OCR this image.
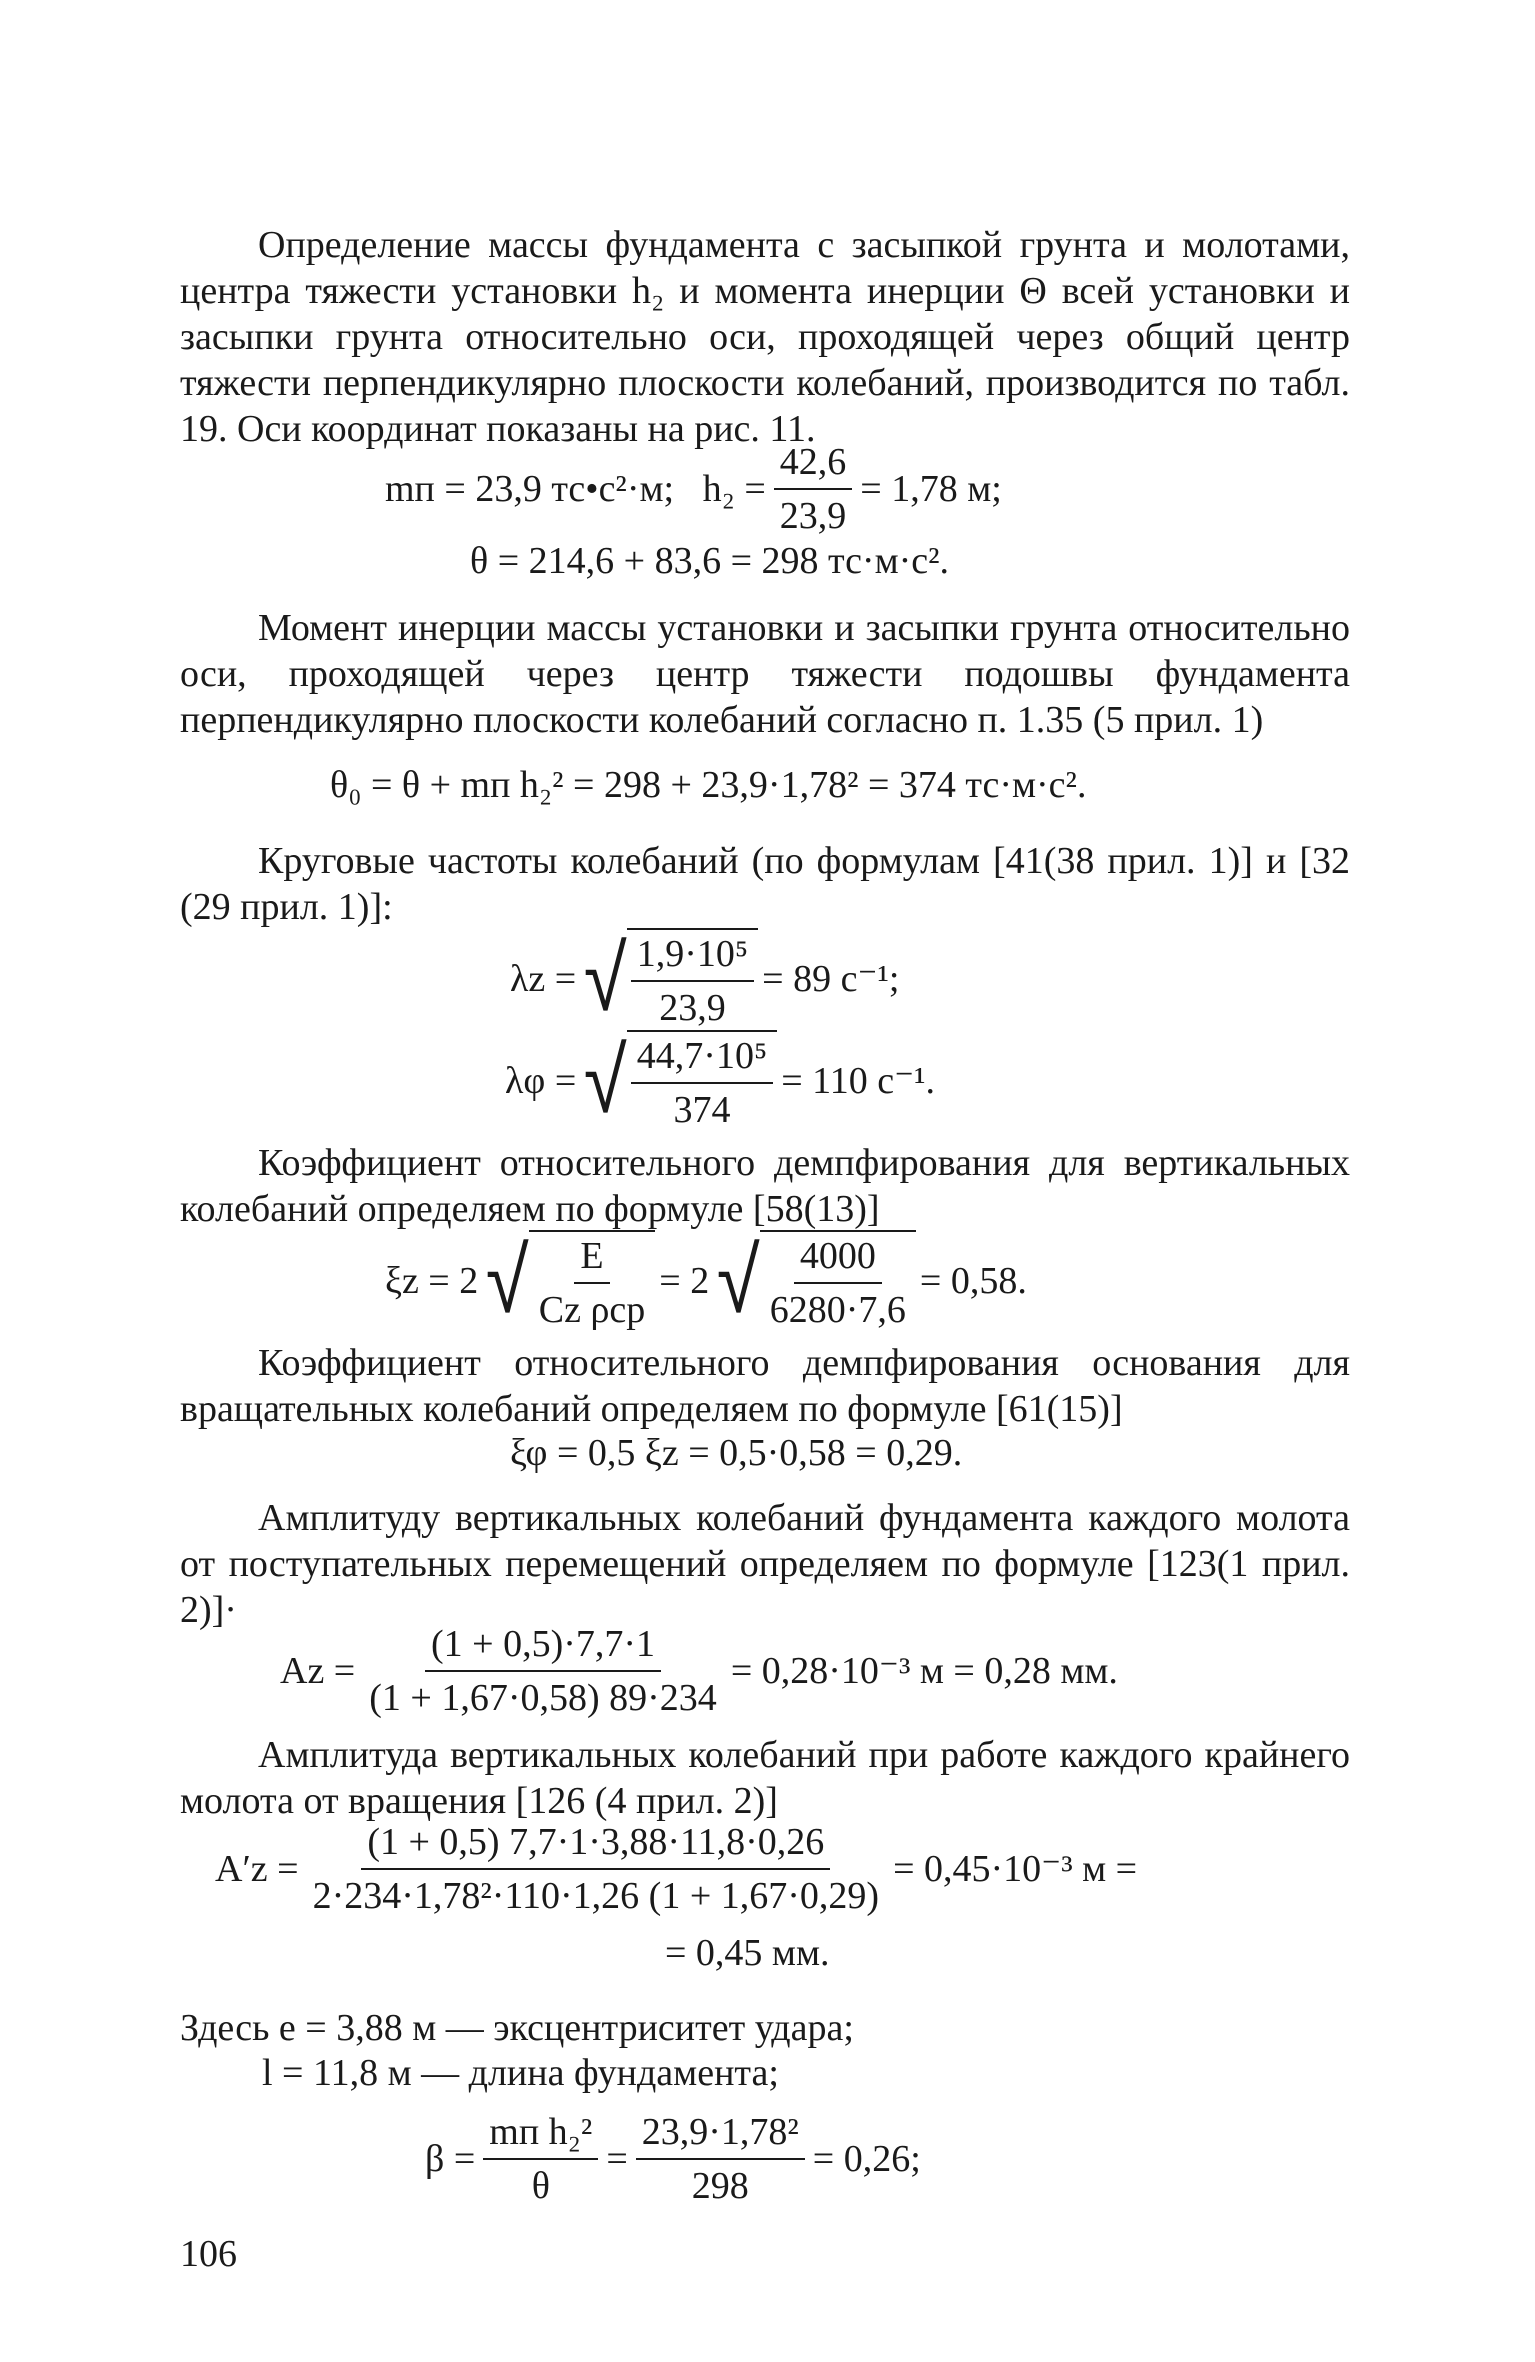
Определение массы фундамента с засыпкой грунта и молотами, центра тяжести установки h₂ и момента инерции Θ всей установки и засыпки грунта относительно оси, проходящей через общий центр тяжести перпендикулярно плоскости колебаний, производится по табл. 19. Оси координат показаны на рис. 11.
mп = 23,9 тс•с²·м;
$h_2 = \frac{42,6}{23,9} = 1,78$ м;
θ = 214,6 + 83,6 = 298 тс·м·с².
Момент инерции массы установки и засыпки грунта относительно оси, проходящей через центр тяжести подошвы фундамента перпендикулярно плоскости колебаний согласно п. 1.35 (5 прил. 1)
θ₀ = θ + mп h₂² = 298 + 23,9·1,78² = 374 тс·м·с².
Круговые частоты колебаний (по формулам [41(38 прил. 1)] и [32 (29 прил. 1)]:
λz = √ $\frac{\text{1,9·10⁵}}{23,9} = 89$ с⁻¹;
λφ = √ $\frac{\text{44,7·10⁵}}{374} = 110$ с⁻¹.
Коэффициент относительного демпфирования для вертикальных колебаний определяем по формуле [58(13)]
ξz = 2 √ $\frac{E}{\text{Cz ρср}} = 2$ √ $\frac{4000}{6280\cdot 7,6} = 0,58$.
Коэффициент относительного демпфирования основания для вращательных колебаний определяем по формуле [61(15)]
ξφ = 0,5 ξz = 0,5·0,58 = 0,29.
Амплитуду вертикальных колебаний фундамента каждого молота от поступательных перемещений определяем по формуле [123(1 прил. 2)]·
$Az = \frac{(1 + 0,5)\cdot 7,7\cdot 1}{(1 + 1,67\cdot 0,58) 89\cdot 234} = 0,28\cdot 10^{-3}$ м = 0,28 мм.
Амплитуда вертикальных колебаний при работе каждого крайнего молота от вращения [126 (4 прил. 2)]
$A'z = \frac{(1 + 0,5) 7,7\cdot 1\cdot 3,88\cdot 11,8\cdot 0,26}{\text{2·234·1,78²·110·1,26 (1 + 1,67·0,29)}} = 0,45\cdot 10^{-3}$ м =
= 0,45 мм.
Здесь e = 3,88 м — эксцентриситет удара;
l = 11,8 м — длина фундамента;
$\beta = \frac{\text{mп h₂²}}{\theta} = \frac{\text{23,9·1,78²}}{298} = 0,26$;
106
